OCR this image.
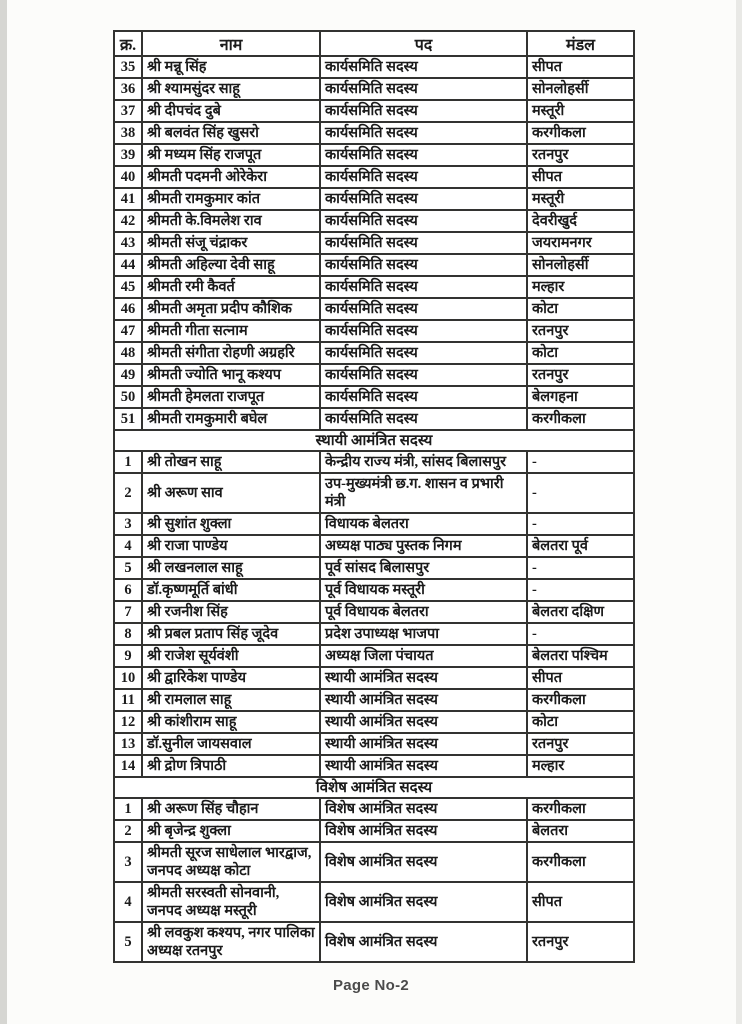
क्र.	नाम	पद	मंडल
35	श्री मन्नू सिंह	कार्यसमिति सदस्य	सीपत
36	श्री श्यामसुंदर साहू	कार्यसमिति सदस्य	सोनलोहर्सी
37	श्री दीपचंद दुबे	कार्यसमिति सदस्य	मस्तूरी
38	श्री बलवंत सिंह खुसरो	कार्यसमिति सदस्य	करगीकला
39	श्री मध्यम सिंह राजपूत	कार्यसमिति सदस्य	रतनपुर
40	श्रीमती पदमनी ओरेकेरा	कार्यसमिति सदस्य	सीपत
41	श्रीमती रामकुमार कांत	कार्यसमिति सदस्य	मस्तूरी
42	श्रीमती के.विमलेश राव	कार्यसमिति सदस्य	देवरीखुर्द
43	श्रीमती संजू चंद्राकर	कार्यसमिति सदस्य	जयरामनगर
44	श्रीमती अहिल्या देवी साहू	कार्यसमिति सदस्य	सोनलोहर्सी
45	श्रीमती रमी कैवर्त	कार्यसमिति सदस्य	मल्हार
46	श्रीमती अमृता प्रदीप कौशिक	कार्यसमिति सदस्य	कोटा
47	श्रीमती गीता सत्नाम	कार्यसमिति सदस्य	रतनपुर
48	श्रीमती संगीता रोहणी अग्रहरि	कार्यसमिति सदस्य	कोटा
49	श्रीमती ज्योति भानू कश्यप	कार्यसमिति सदस्य	रतनपुर
50	श्रीमती हेमलता राजपूत	कार्यसमिति सदस्य	बेलगहना
51	श्रीमती रामकुमारी बघेल	कार्यसमिति सदस्य	करगीकला
स्थायी आमंत्रित सदस्य			
1	श्री तोखन साहू	केन्द्रीय राज्य मंत्री, सांसद बिलासपुर	-
2	श्री अरूण साव	उप-मुख्यमंत्री छ.ग. शासन व प्रभारी मंत्री	-
3	श्री सुशांत शुक्ला	विधायक बेलतरा	-
4	श्री राजा पाण्डेय	अध्यक्ष पाठ्य पुस्तक निगम	बेलतरा पूर्व
5	श्री लखनलाल साहू	पूर्व सांसद बिलासपुर	-
6	डॉ.कृष्णमूर्ति बांधी	पूर्व विधायक मस्तूरी	-
7	श्री रजनीश सिंह	पूर्व विधायक बेलतरा	बेलतरा दक्षिण
8	श्री प्रबल प्रताप सिंह जूदेव	प्रदेश उपाध्यक्ष भाजपा	-
9	श्री राजेश सूर्यवंशी	अध्यक्ष जिला पंचायत	बेलतरा पश्चिम
10	श्री द्वारिकेश पाण्डेय	स्थायी आमंत्रित सदस्य	सीपत
11	श्री रामलाल साहू	स्थायी आमंत्रित सदस्य	करगीकला
12	श्री कांशीराम साहू	स्थायी आमंत्रित सदस्य	कोटा
13	डॉ.सुनील जायसवाल	स्थायी आमंत्रित सदस्य	रतनपुर
14	श्री द्रोण त्रिपाठी	स्थायी आमंत्रित सदस्य	मल्हार
विशेष आमंत्रित सदस्य			
1	श्री अरूण सिंह चौहान	विशेष आमंत्रित सदस्य	करगीकला
2	श्री बृजेन्द्र शुक्ला	विशेष आमंत्रित सदस्य	बेलतरा
3	श्रीमती सूरज साधेलाल भारद्वाज, जनपद अध्यक्ष कोटा	विशेष आमंत्रित सदस्य	करगीकला
4	श्रीमती सरस्वती सोनवानी, जनपद अध्यक्ष मस्तूरी	विशेष आमंत्रित सदस्य	सीपत
5	श्री लवकुश कश्यप, नगर पालिका अध्यक्ष रतनपुर	विशेष आमंत्रित सदस्य	रतनपुर
Page No-2
